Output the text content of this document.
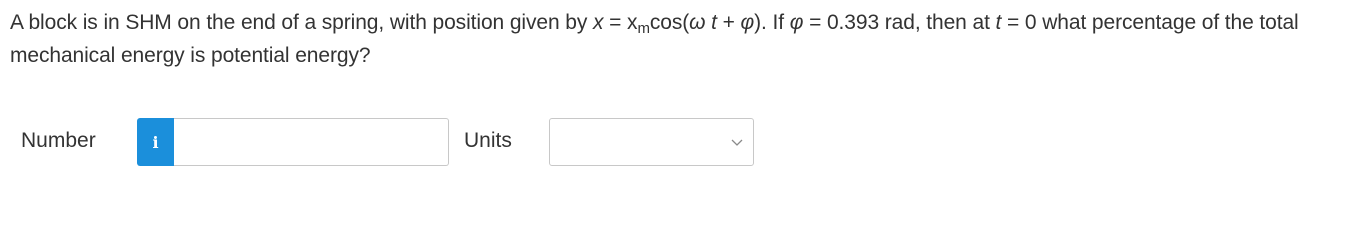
A block is in SHM on the end of a spring, with position given by $x = x_m\cos(\omega$ t + φ). If φ = 0.393 rad, then at t = 0 what percentage of the total mechanical energy is potential energy?
Number	i	Units
